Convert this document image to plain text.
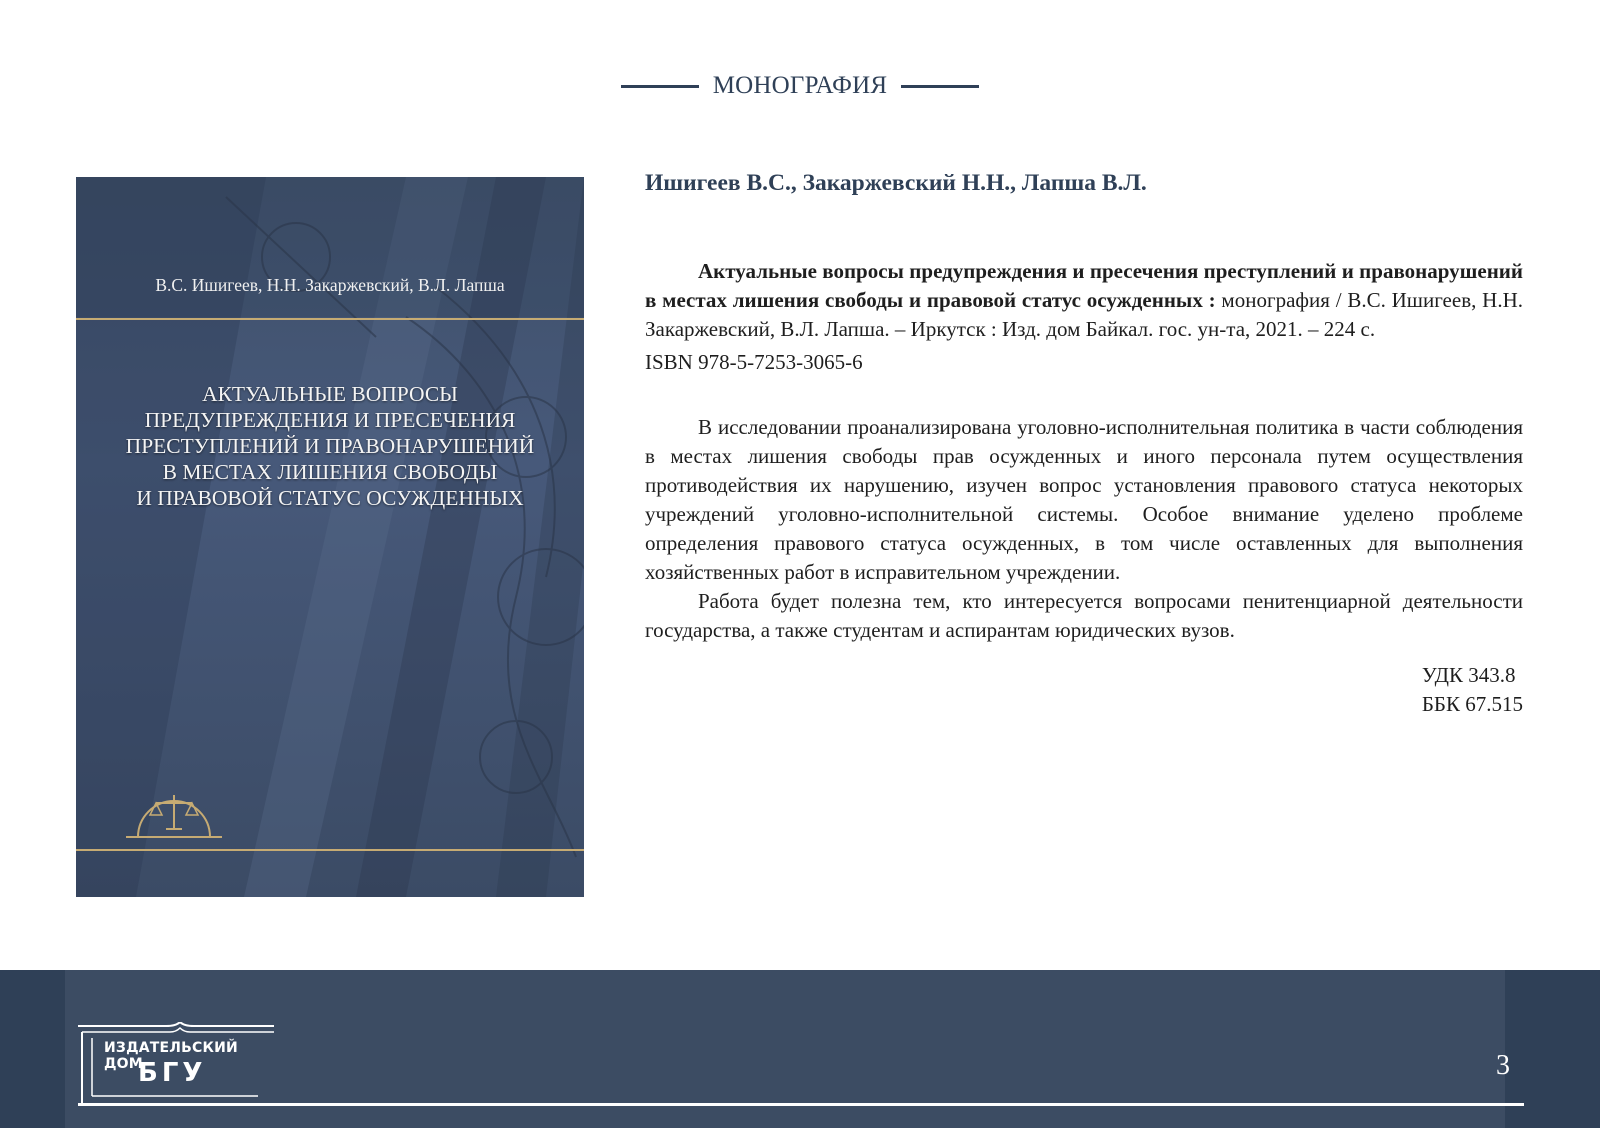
МОНОГРАФИЯ
В.С. Ишигеев, Н.Н. Закаржевский, В.Л. Лапша
АКТУАЛЬНЫЕ ВОПРОСЫ
ПРЕДУПРЕЖДЕНИЯ И ПРЕСЕЧЕНИЯ
ПРЕСТУПЛЕНИЙ И ПРАВОНАРУШЕНИЙ
В МЕСТАХ ЛИШЕНИЯ СВОБОДЫ
И ПРАВОВОЙ СТАТУС ОСУЖДЕННЫХ

Ишигеев В.С., Закаржевский Н.Н., Лапша В.Л.

Актуальные вопросы предупреждения и пресечения преступлений и правонарушений в местах лишения свободы и правовой статус осужденных : монография / В.С. Ишигеев, Н.Н. Закаржевский, В.Л. Лапша. – Иркутск : Изд. дом Байкал. гос. ун-та, 2021. – 224 с.

ISBN 978-5-7253-3065-6

В исследовании проанализирована уголовно-исполнительная политика в части соблюдения в местах лишения свободы прав осужденных и иного персонала путем осуществления противодействия их нарушению, изучен вопрос установления правового статуса некоторых учреждений уголовно-исполнительной системы. Особое внимание уделено проблеме определения правового статуса осужденных, в том числе оставленных для выполнения хозяйственных работ в исправительном учреждении.

Работа будет полезна тем, кто интересуется вопросами пенитенциарной деятельности государства, а также студентам и аспирантам юридических вузов.

УДК 343.8
ББК 67.515
ИЗДАТЕЛЬСКИЙ ДОМ
БГУ	3
